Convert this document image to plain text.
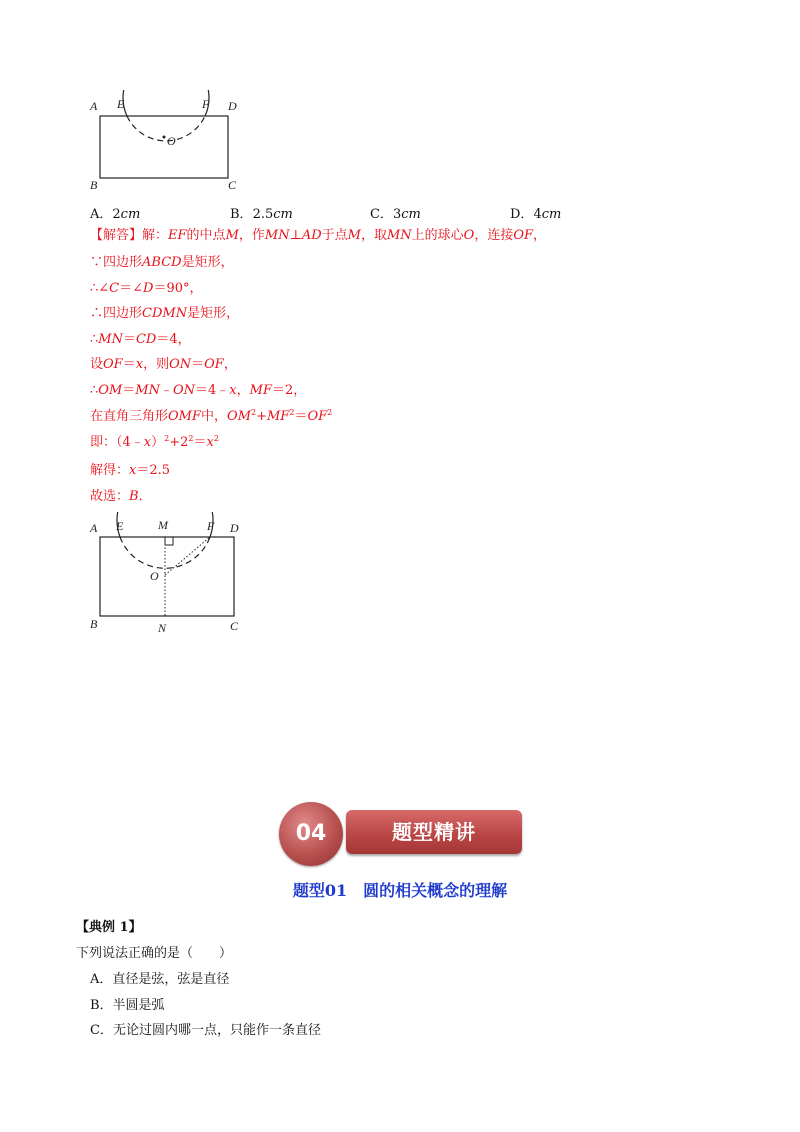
A E	F D
B	C
O
A．2cm	B．2.5cm	C．3cm	D．4cm
【解答】解：EF的中点M，作MN⊥AD于点M，取MN上的球心O，连接OF，
∵四边形ABCD是矩形，
∴∠C＝∠D＝90°，
∴四边形CDMN是矩形，
∴MN＝CD＝4，
设OF＝x，则ON＝OF，
∴OM＝MN﹣ON＝4﹣x，MF＝2，
在直角三角形OMF中，$OM^2+MF^2=OF^2$
即：$(4﹣x)^2+2^2=x^2$
解得：x＝2.5
故选：B．
A E	M	F D
O
B	N	C
04	题型精讲
题型01　圆的相关概念的理解
【典例 1】
下列说法正确的是（　　）
A．直径是弦，弦是直径
B．半圆是弧
C．无论过圆内哪一点，只能作一条直径
